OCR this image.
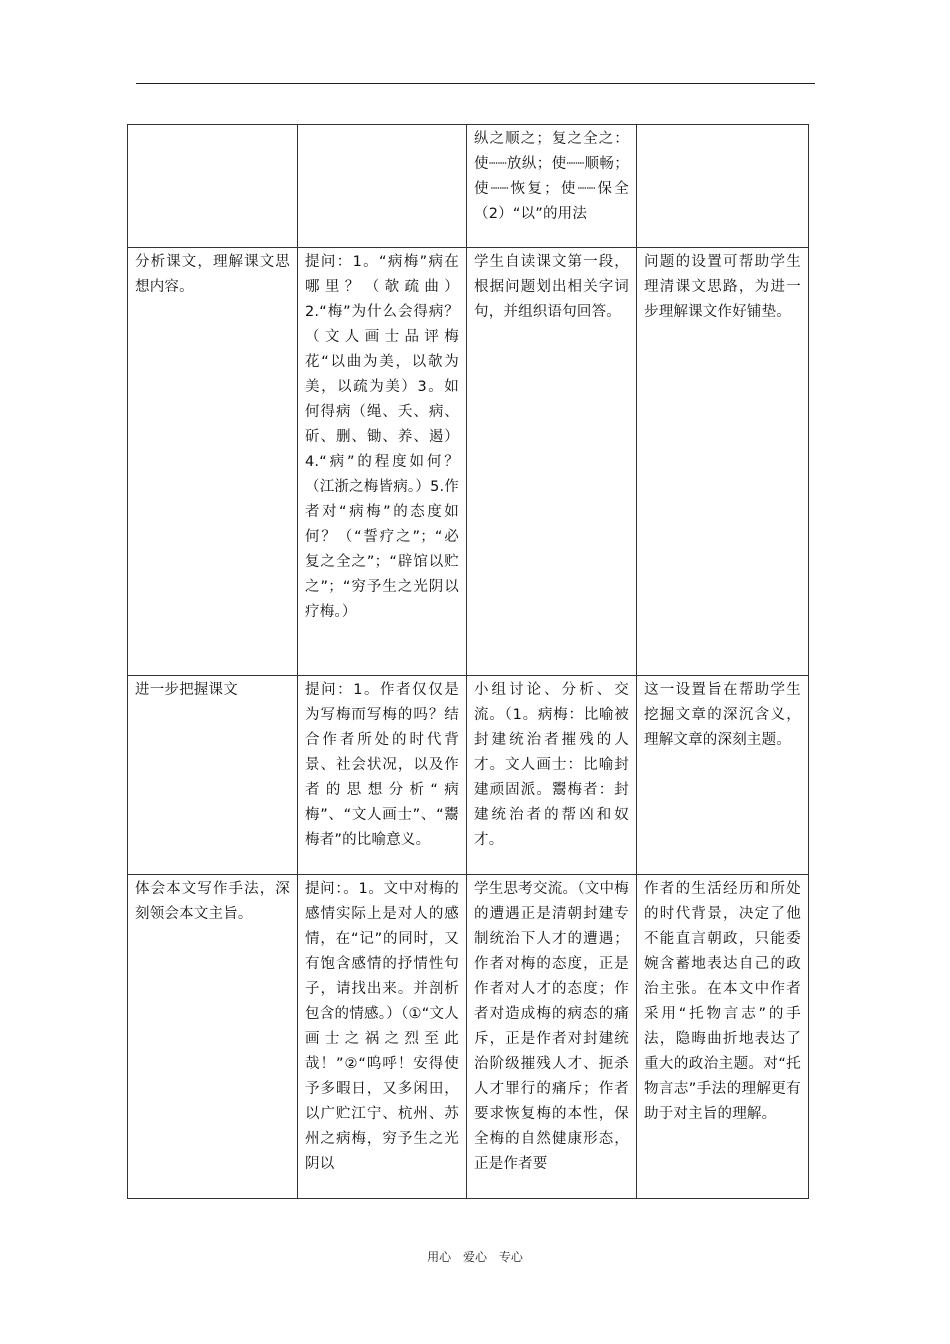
		纵之顺之；复之全之：使┈┈放纵；使┈┈顺畅；使┈┈恢复；使┈┈保全（2）“以”的用法	
分析课文，理解课文思想内容。	提问：1。“病梅”病在哪里？（欹疏曲）2.“梅”为什么会得病？（文人画士品评梅花“以曲为美，以欹为美，以疏为美）3。如何得病（绳、夭、病、斫、删、锄、养、遏）4.“病”的程度如何？（江浙之梅皆病。）5.作者对“病梅”的态度如何？（“誓疗之”；“必复之全之”；“辟馆以贮之”；“穷予生之光阴以疗梅。）	学生自读课文第一段，根据问题划出相关字词句，并组织语句回答。	问题的设置可帮助学生理清课文思路，为进一步理解课文作好铺垫。
进一步把握课文	提问：1。作者仅仅是为写梅而写梅的吗？结合作者所处的时代背景、社会状况，以及作者的思想分析“病梅”、“文人画士”、“鬻梅者”的比喻意义。	小组讨论、分析、交流。（1。病梅：比喻被封建统治者摧残的人才。文人画士：比喻封建顽固派。鬻梅者：封建统治者的帮凶和奴才。	这一设置旨在帮助学生挖掘文章的深沉含义，理解文章的深刻主题。
体会本文写作手法，深刻领会本文主旨。	提问：。1。文中对梅的感情实际上是对人的感情，在“记”的同时，又有饱含感情的抒情性句子，请找出来。并剖析包含的情感。）（①“文人画士之祸之烈至此哉！”②“呜呼！安得使予多暇日，又多闲田，以广贮江宁、杭州、苏州之病梅，穷予生之光阴以	学生思考交流。（文中梅的遭遇正是清朝封建专制统治下人才的遭遇；作者对梅的态度，正是作者对人才的态度；作者对造成梅的病态的痛斥，正是作者对封建统治阶级摧残人才、扼杀人才罪行的痛斥；作者要求恢复梅的本性，保全梅的自然健康形态，正是作者要	作者的生活经历和所处的时代背景，决定了他不能直言朝政，只能委婉含蓄地表达自己的政治主张。在本文中作者采用“托物言志”的手法，隐晦曲折地表达了重大的政治主题。对“托物言志”手法的理解更有助于对主旨的理解。
用心 爱心 专心
